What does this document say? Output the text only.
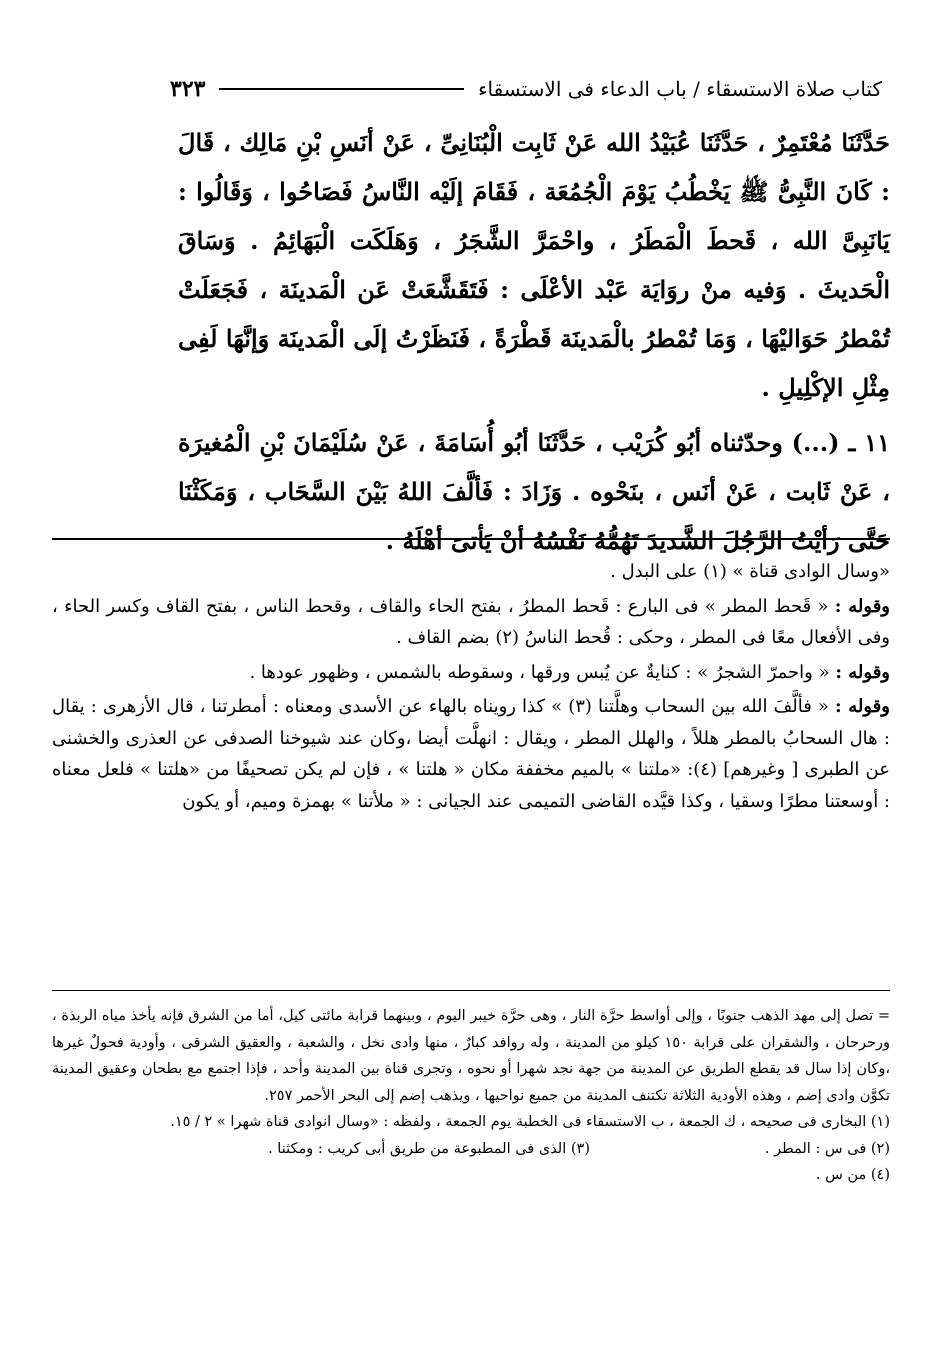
كتاب صلاة الاستسقاء / باب الدعاء فى الاستسقاء
٣٢٣

حَدَّثَنَا مُعْتَمِرٌ ، حَدَّثَنَا عُبَيْدُ الله عَنْ ثَابِت الْبُنَانِىِّ ، عَنْ أنَسِ بْنِ مَالِك ، قَالَ : كَانَ النَّبِىُّ ﷺ يَخْطُبُ يَوْمَ الْجُمُعَة ، فَقَامَ إلَيْه النَّاسُ فَصَاحُوا ، وَقَالُوا : يَانَبِىَّ الله ، قَحطَ الْمَطَرُ ، واحْمَرَّ الشَّجَرُ ، وَهَلَكَت الْبَهَائِمُ . وَسَاقَ الْحَديثَ . وَفيه منْ روَايَة عَبْد الأعْلَى : فَتَقَشَّعَتْ عَن الْمَدينَة ، فَجَعَلَتْ تُمْطرُ حَوَاليْهَا ، وَمَا تُمْطرُ بالْمَدينَة قَطْرَةً ، فَنَظَرْتُ إلَى الْمَدينَة وَإنَّهَا لَفِى مِثْلِ الإكْلِيلِ .

١١ ـ (...) وحدّثناه أبُو كُرَيْب ، حَدَّثَنَا أبُو أُسَامَةَ ، عَنْ سُلَيْمَانَ بْنِ الْمُغيرَة ، عَنْ ثَابت ، عَنْ أنَس ، بنَحْوه . وَزَادَ : فَألَّفَ اللهُ بَيْنَ السَّحَاب ، وَمَكَثْنَا حَتَّى رَأيْتُ الرَّجُلَ الشَّديدَ تَهُمُّهُ نَفْسُهُ أنْ يَأتىَ أهْلَهُ .

«وسال الوادى قناة » (١) على البدل .

وقوله : « قَحط المطر » فى البارع : قَحط المطرُ ، بفتح الحاء والقاف ، وقحط الناس ، بفتح القاف وكسر الحاء ، وفى الأفعال معًا فى المطر ، وحكى : قُحط الناسُ (٢) بضم القاف .

وقوله : « واحمرّ الشجرُ » : كنايةٌ عن يُبس ورقها ، وسقوطه بالشمس ، وظهور عودها .

وقوله : « فألَّفَ الله بين السحاب وهلَّتنا (٣) » كذا رويناه بالهاء عن الأسدى ومعناه : أمطرتنا ، قال الأزهرى : يقال : هال السحابُ بالمطر هللاً ، والهلل المطر ، ويقال : انهلَّت أيضا ،وكان عند شيوخنا الصدفى عن العذرى والخشنى عن الطبرى [ وغيرهم] (٤): «ملتنا » بالميم مخففة مكان « هلتنا » ، فإن لم يكن تصحيفًا من «هلتنا » فلعل معناه : أوسعتنا مطرًا وسقيا ، وكذا قيَّده القاضى التميمى عند الجيانى : « ملأتنا » بهمزة وميم، أو يكون

= تصل إلى مهد الذهب جنوبًا ، وإلى أواسط حرَّة النار ، وهى حرَّة خيبر اليوم ، وبينهما قرابة مائتى كيل، أما من الشرق فإنه يأخذ مياه الربذة ، ورحرحان ، والشقران على قرابة ١٥٠ كيلو من المدينة ، وله روافد كبارٌ ، منها وادى نخل ، والشعبة ، والعقيق الشرقى ، وأودية فحولٌ غيرها ،وكان إذا سال قد يقطع الطريق عن المدينة من جهة نجد شهرا أو نحوه ، وتجرى قناة بين المدينة وأحد ، فإذا اجتمع مع بطحان وعقيق المدينة تكوَّن وادى إضم ، وهذه الأودية الثلاثة تكتنف المدينة من جميع نواحيها ، ويذهب إضم إلى البحر الأحمر ٢٥٧.

(١) البخارى فى صحيحه ، ك الجمعة ، ب الاستسقاء فى الخطبة يوم الجمعة ، ولفظه : «وسال انوادى قناة شهرا » ٢ / ١٥.

(٢) فى س : المطر .
(٣) الذى فى المطبوعة من طريق أبى كريب : ومكثنا .

(٤) من س .
